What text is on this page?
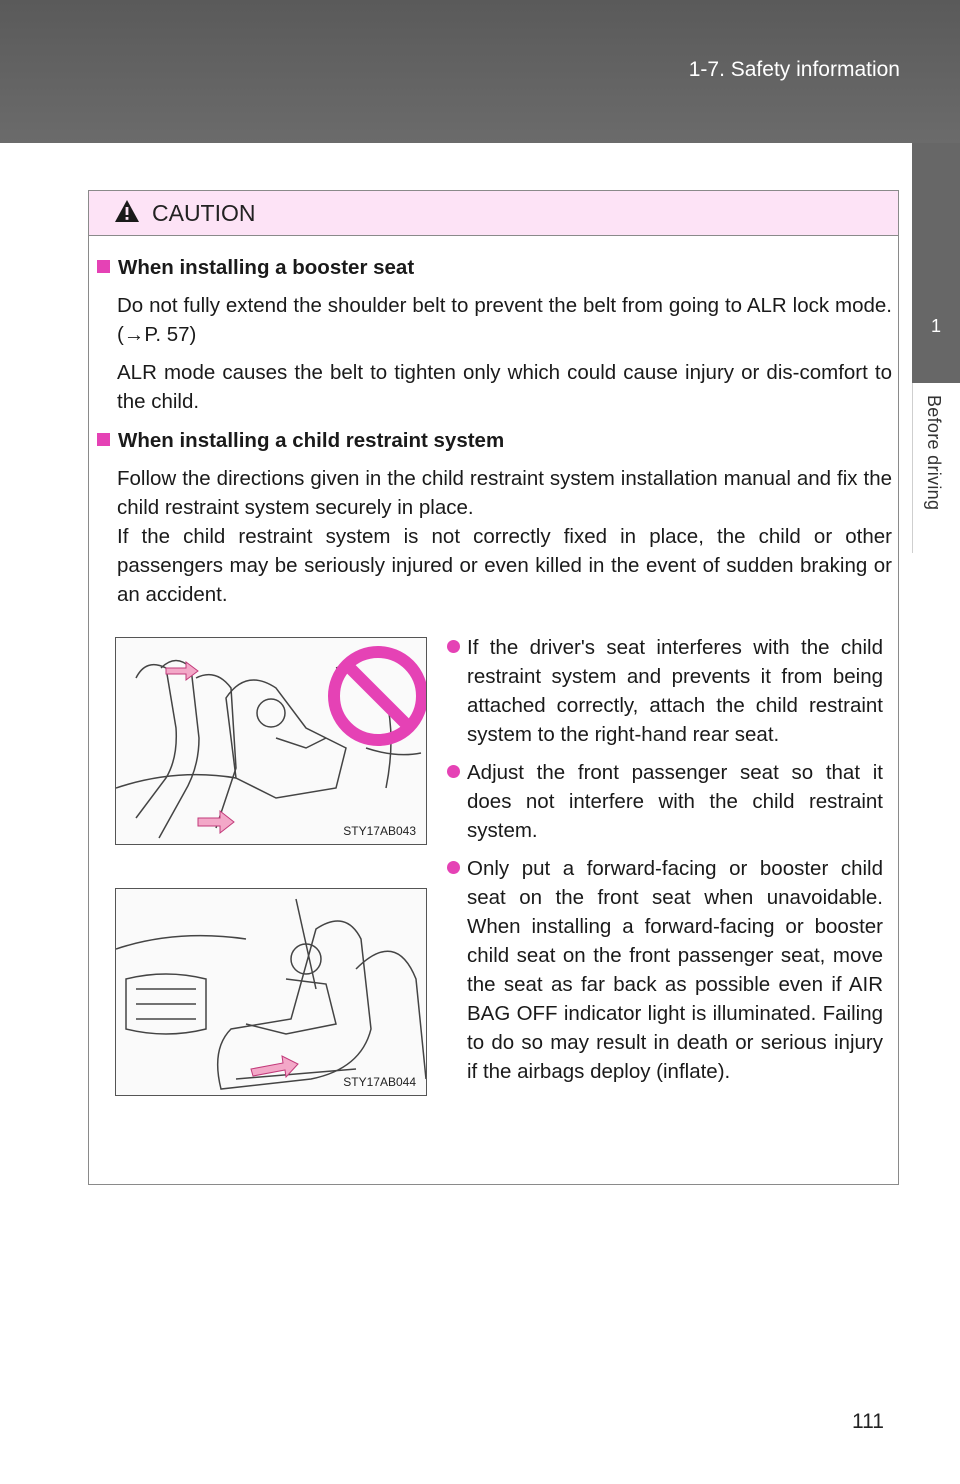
1-7. Safety information
1
Before driving
CAUTION
When installing a booster seat
Do not fully extend the shoulder belt to prevent the belt from going to ALR lock mode. (→P. 57)
ALR mode causes the belt to tighten only which could cause injury or dis-comfort to the child.
When installing a child restraint system
Follow the directions given in the child restraint system installation manual and fix the child restraint system securely in place.
If the child restraint system is not correctly fixed in place, the child or other passengers may be seriously injured or even killed in the event of sudden braking or an accident.
STY17AB043
STY17AB044
If the driver's seat interferes with the child restraint system and prevents it from being attached correctly, attach the child restraint system to the right-hand rear seat.
Adjust the front passenger seat so that it does not interfere with the child restraint system.
Only put a forward-facing or booster child seat on the front seat when unavoidable. When installing a forward-facing or booster child seat on the front passenger seat, move the seat as far back as possible even if AIR BAG OFF indicator light is illuminated. Failing to do so may result in death or serious injury if the airbags deploy (inflate).
111
